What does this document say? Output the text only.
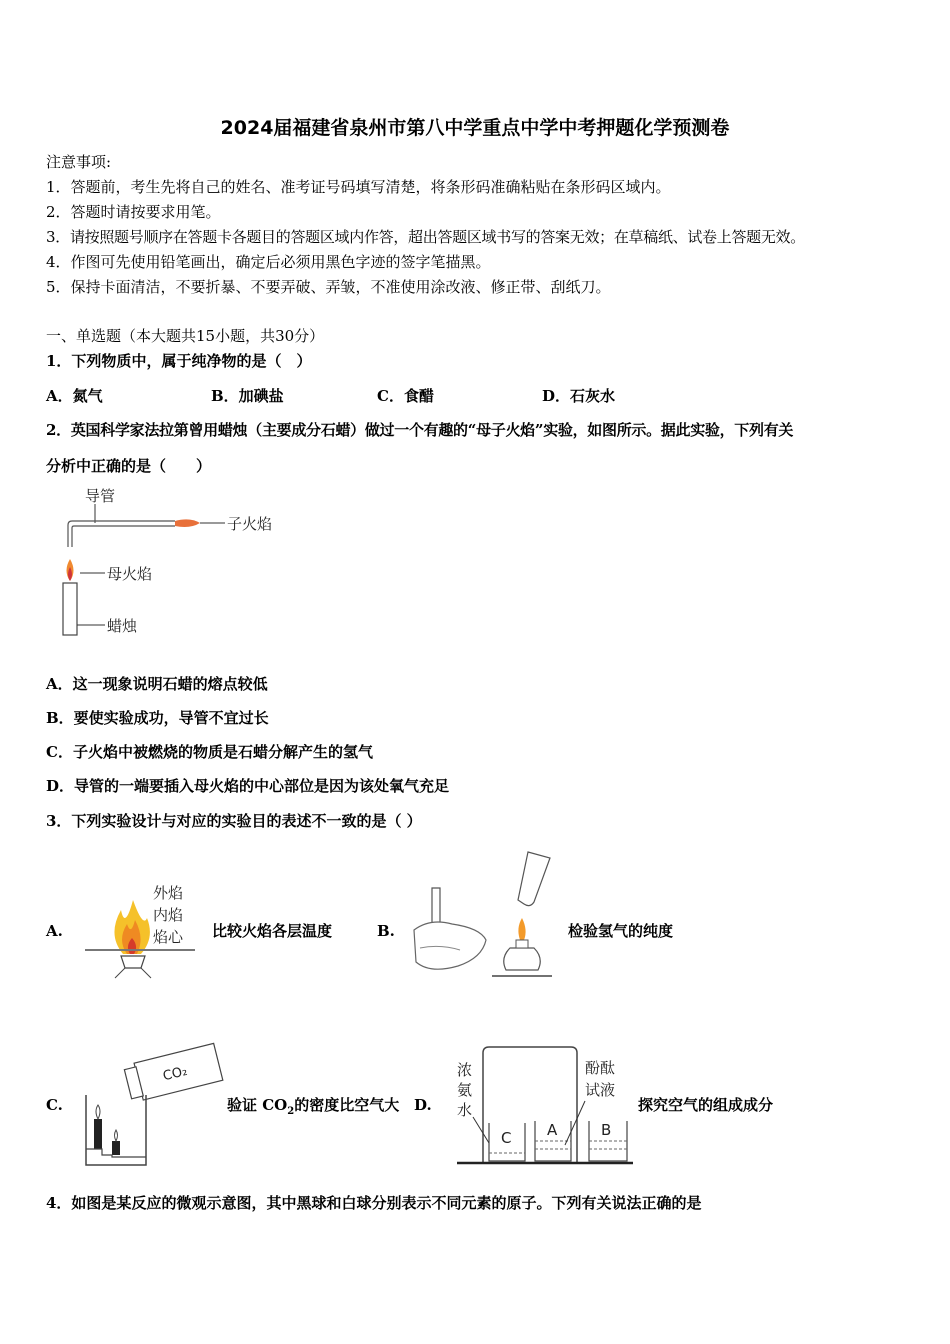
2024届福建省泉州市第八中学重点中学中考押题化学预测卷
注意事项:
1．答题前，考生先将自己的姓名、准考证号码填写清楚，将条形码准确粘贴在条形码区域内。
2．答题时请按要求用笔。
3．请按照题号顺序在答题卡各题目的答题区域内作答，超出答题区域书写的答案无效；在草稿纸、试卷上答题无效。
4．作图可先使用铅笔画出，确定后必须用黑色字迹的签字笔描黑。
5．保持卡面清洁，不要折暴、不要弄破、弄皱，不准使用涂改液、修正带、刮纸刀。
一、单选题（本大题共15小题，共30分）
1．下列物质中，属于纯净物的是（　）
A．氮气	B．加碘盐	C．食醋	D．石灰水
2．英国科学家法拉第曾用蜡烛（主要成分石蜡）做过一个有趣的“母子火焰”实验，如图所示。据此实验，下列有关
分析中正确的是（　　）
导管
子火焰
母火焰
蜡烛
A．这一现象说明石蜡的熔点较低
B．要使实验成功，导管不宜过长
C．子火焰中被燃烧的物质是石蜡分解产生的氢气
D．导管的一端要插入母火焰的中心部位是因为该处氧气充足
3．下列实验设计与对应的实验目的表述不一致的是（ ）
A.
外焰
内焰
焰心 比较火焰各层温度	B.	检验氢气的纯度
C.
CO₂
验证 $CO_2$的密度比空气大 D.
C A	B
浓
氨
水
酚酞
试液
探究空气的组成成分
4．如图是某反应的微观示意图，其中黑球和白球分别表示不同元素的原子。下列有关说法正确的是
